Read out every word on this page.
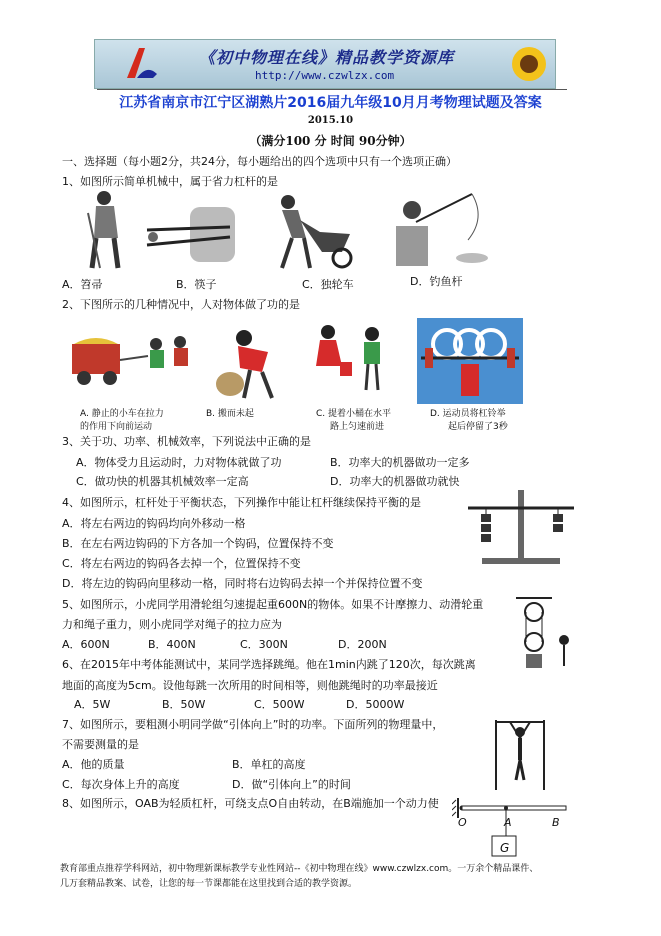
《初中物理在线》精品教学资源库
http://www.czwlzx.com
江苏省南京市江宁区湖熟片2016届九年级10月月考物理试题及答案
2015.10
（满分100 分 时间 90分钟）
一、选择题（每小题2分，共24分，每小题给出的四个选项中只有一个选项正确）
1、如图所示简单机械中，属于省力杠杆的是
A．笤帚	B．筷子	C．独轮车	D．钓鱼杆
2、下图所示的几种情况中，人对物体做了功的是
A. 静止的小车在拉力
的作用下向前运动
B. 搬而未起	C. 提着小桶在水平
路上匀速前进
D. 运动员将杠铃举
起后停留了3秒
3、关于功、功率、机械效率，下列说法中正确的是
A．物体受力且运动时，力对物体就做了功	B．功率大的机器做功一定多
C．做功快的机器其机械效率一定高	D．功率大的机器做功就快
4、如图所示，杠杆处于平衡状态，下列操作中能让杠杆继续保持平衡的是
A．将左右两边的钩码均向外移动一格
B．在左右两边钩码的下方各加一个钩码，位置保持不变
C．将左右两边的钩码各去掉一个，位置保持不变
D．将左边的钩码向里移动一格，同时将右边钩码去掉一个并保持位置不变
5、如图所示，小虎同学用滑轮组匀速提起重600N的物体。如果不计摩擦力、动滑轮重
力和绳子重力，则小虎同学对绳子的拉力应为
A．600N	B．400N	C．300N	D．200N
6、在2015年中考体能测试中，某同学选择跳绳。他在1min内跳了120次，每次跳离
地面的高度为5cm。设他每跳一次所用的时间相等，则他跳绳时的功率最接近
A．5W	B．50W	C．500W	D．5000W
7、如图所示，要粗测小明同学做“引体向上”时的功率。下面所列的物理量中，
不需要测量的是
A．他的质量	B．单杠的高度
C．每次身体上升的高度	D．做“引体向上”的时间
8、如图所示，OAB为轻质杠杆，可绕支点O自由转动，在B端施加一个动力使
O	A	B
G
教育部重点推荐学科网站，初中物理新课标教学专业性网站--《初中物理在线》www.czwlzx.com。一万余个精品课件、
几万套精品教案、试卷，让您的每一节课都能在这里找到合适的教学资源。
